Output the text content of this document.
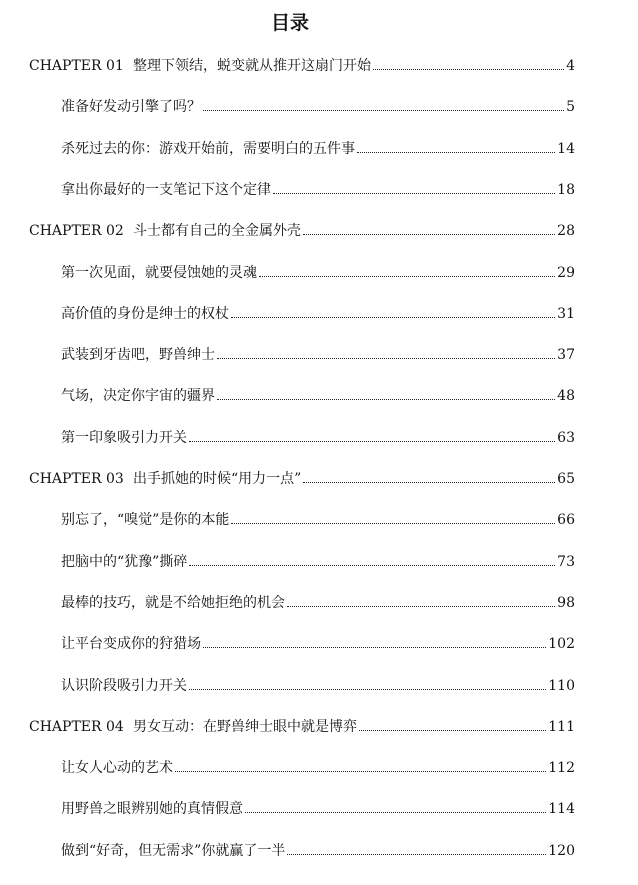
目录
CHAPTER 01 整理下领结，蜕变就从推开这扇门开始	4
准备好发动引擎了吗？	5
杀死过去的你：游戏开始前，需要明白的五件事	14
拿出你最好的一支笔记下这个定律	18
CHAPTER 02 斗士都有自己的全金属外壳	28
第一次见面，就要侵蚀她的灵魂	29
高价值的身份是绅士的权杖	31
武装到牙齿吧，野兽绅士	37
气场，决定你宇宙的疆界	48
第一印象吸引力开关	63
CHAPTER 03 出手抓她的时候“用力一点”	65
别忘了，“嗅觉”是你的本能	66
把脑中的“犹豫”撕碎	73
最棒的技巧，就是不给她拒绝的机会	98
让平台变成你的狩猎场	102
认识阶段吸引力开关	110
CHAPTER 04 男女互动：在野兽绅士眼中就是博弈	111
让女人心动的艺术	112
用野兽之眼辨别她的真情假意	114
做到“好奇，但无需求”你就赢了一半	120
